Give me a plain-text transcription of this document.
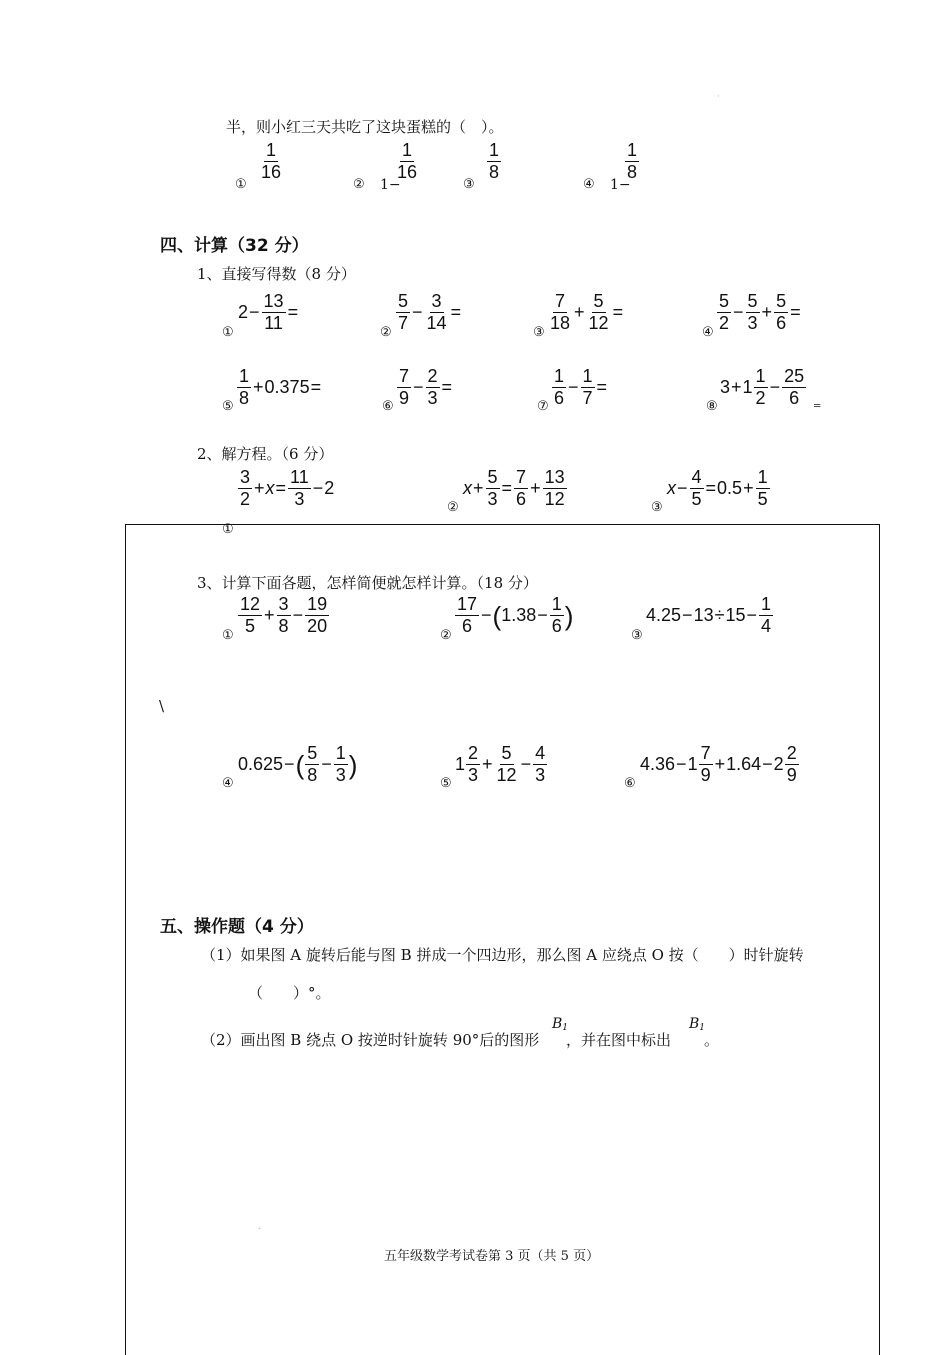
·
.
半，则小红三天共吃了这块蛋糕的（　）。
①
$\frac{1}{16}$
② 1−
$\frac{1}{16}$
③
$\frac{1}{8}$
④ 1−
$\frac{1}{8}$
四、计算（32 分）
1、直接写得数（8 分）
①
$2 - \frac{13}{11}$ =
② $\frac{5}{7} - \frac{3}{14}$ =
③ $\frac{7}{18} + \frac{5}{12}$ =
④ $\frac{5}{2} - \frac{5}{3} + \frac{5}{6}$ =
⑤ $\frac{1}{8} + 0.375$ =
⑥ $\frac{7}{9} - \frac{2}{3}$ =
⑦ $\frac{1}{6} - \frac{1}{7}$ =
⑧
$3 + 1 \frac{1}{2} - \frac{25}{6}$ =
2、解方程。（6 分）
$\frac{3}{2} + x = \frac{11}{3} - 2$
①
②
$x + \frac{5}{3} = \frac{7}{6} + \frac{13}{12}$	③
$x - \frac{4}{5} = 0.5 + \frac{1}{5}$
3、计算下面各题，怎样简便就怎样计算。（18 分）
① $\frac{12}{5} + \frac{3}{8} - \frac{19}{20}$	② $\frac{17}{6}$ − ( $1.38 - \frac{1}{6}$ )
③
$4.25 - 13 \div 15 - \frac{1}{4}$
\
④
0.625 − ( $\frac{5}{8} - \frac{1}{3}$ )
⑤
$1 \frac{2}{3} + \frac{5}{12} - \frac{4}{3}$	⑥
$4.36 - 1 \frac{7}{9} + 1.64 - 2 \frac{2}{9}$
五、操作题（4 分）
（1）如果图 A 旋转后能与图 B 拼成一个四边形，那么图 A 应绕点 O 按（　　）时针旋转
（　　）°。
（2）画出图 B 绕点 O 按逆时针旋转 90°后的图形
$B_1$
，并在图中标出
$B_1$
。
五年级数学考试卷第 3 页（共 5 页）
